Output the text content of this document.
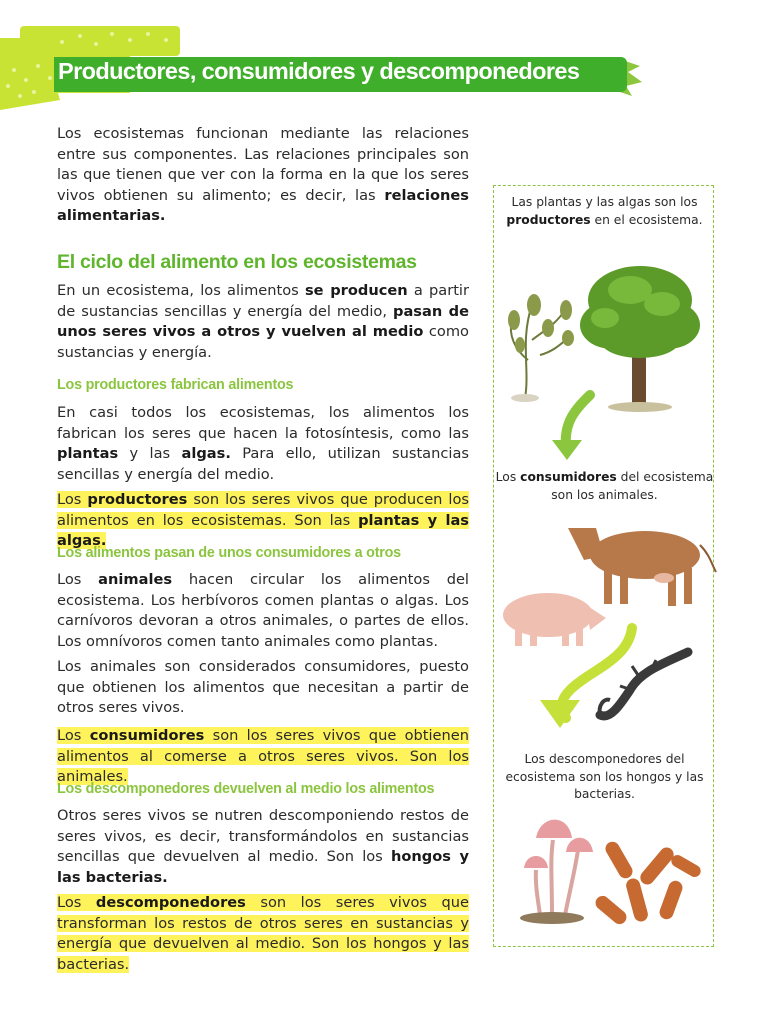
Productores, consumidores y descomponedores

Los ecosistemas funcionan mediante las relaciones entre sus componentes. Las relaciones principales son las que tienen que ver con la forma en la que los seres vivos obtienen su alimento; es decir, las relaciones alimentarias.

El ciclo del alimento en los ecosistemas

En un ecosistema, los alimentos se producen a partir de sustancias sencillas y energía del medio, pasan de unos seres vivos a otros y vuelven al medio como sustancias y energía.

Los productores fabrican alimentos

En casi todos los ecosistemas, los alimentos los fabrican los seres que hacen la fotosíntesis, como las plantas y las algas. Para ello, utilizan sustancias sencillas y energía del medio.

Los productores son los seres vivos que producen los alimentos en los ecosistemas. Son las plantas y las algas.

Los alimentos pasan de unos consumidores a otros

Los animales hacen circular los alimentos del ecosistema. Los herbívoros comen plantas o algas. Los carnívoros devoran a otros animales, o partes de ellos. Los omnívoros comen tanto animales como plantas.

Los animales son considerados consumidores, puesto que obtienen los alimentos que necesitan a partir de otros seres vivos.

Los consumidores son los seres vivos que obtienen alimentos al comerse a otros seres vivos. Son los animales.

Los descomponedores devuelven al medio los alimentos

Otros seres vivos se nutren descomponiendo restos de seres vivos, es decir, transformándolos en sustancias sencillas que devuelven al medio. Son los hongos y las bacterias.

Los descomponedores son los seres vivos que transforman los restos de otros seres en sustancias y energía que devuelven al medio. Son los hongos y las bacterias.

Las plantas y las algas son los productores en el ecosistema.
Los consumidores del ecosistema son los animales.
Los descomponedores del ecosistema son los hongos y las bacterias.
